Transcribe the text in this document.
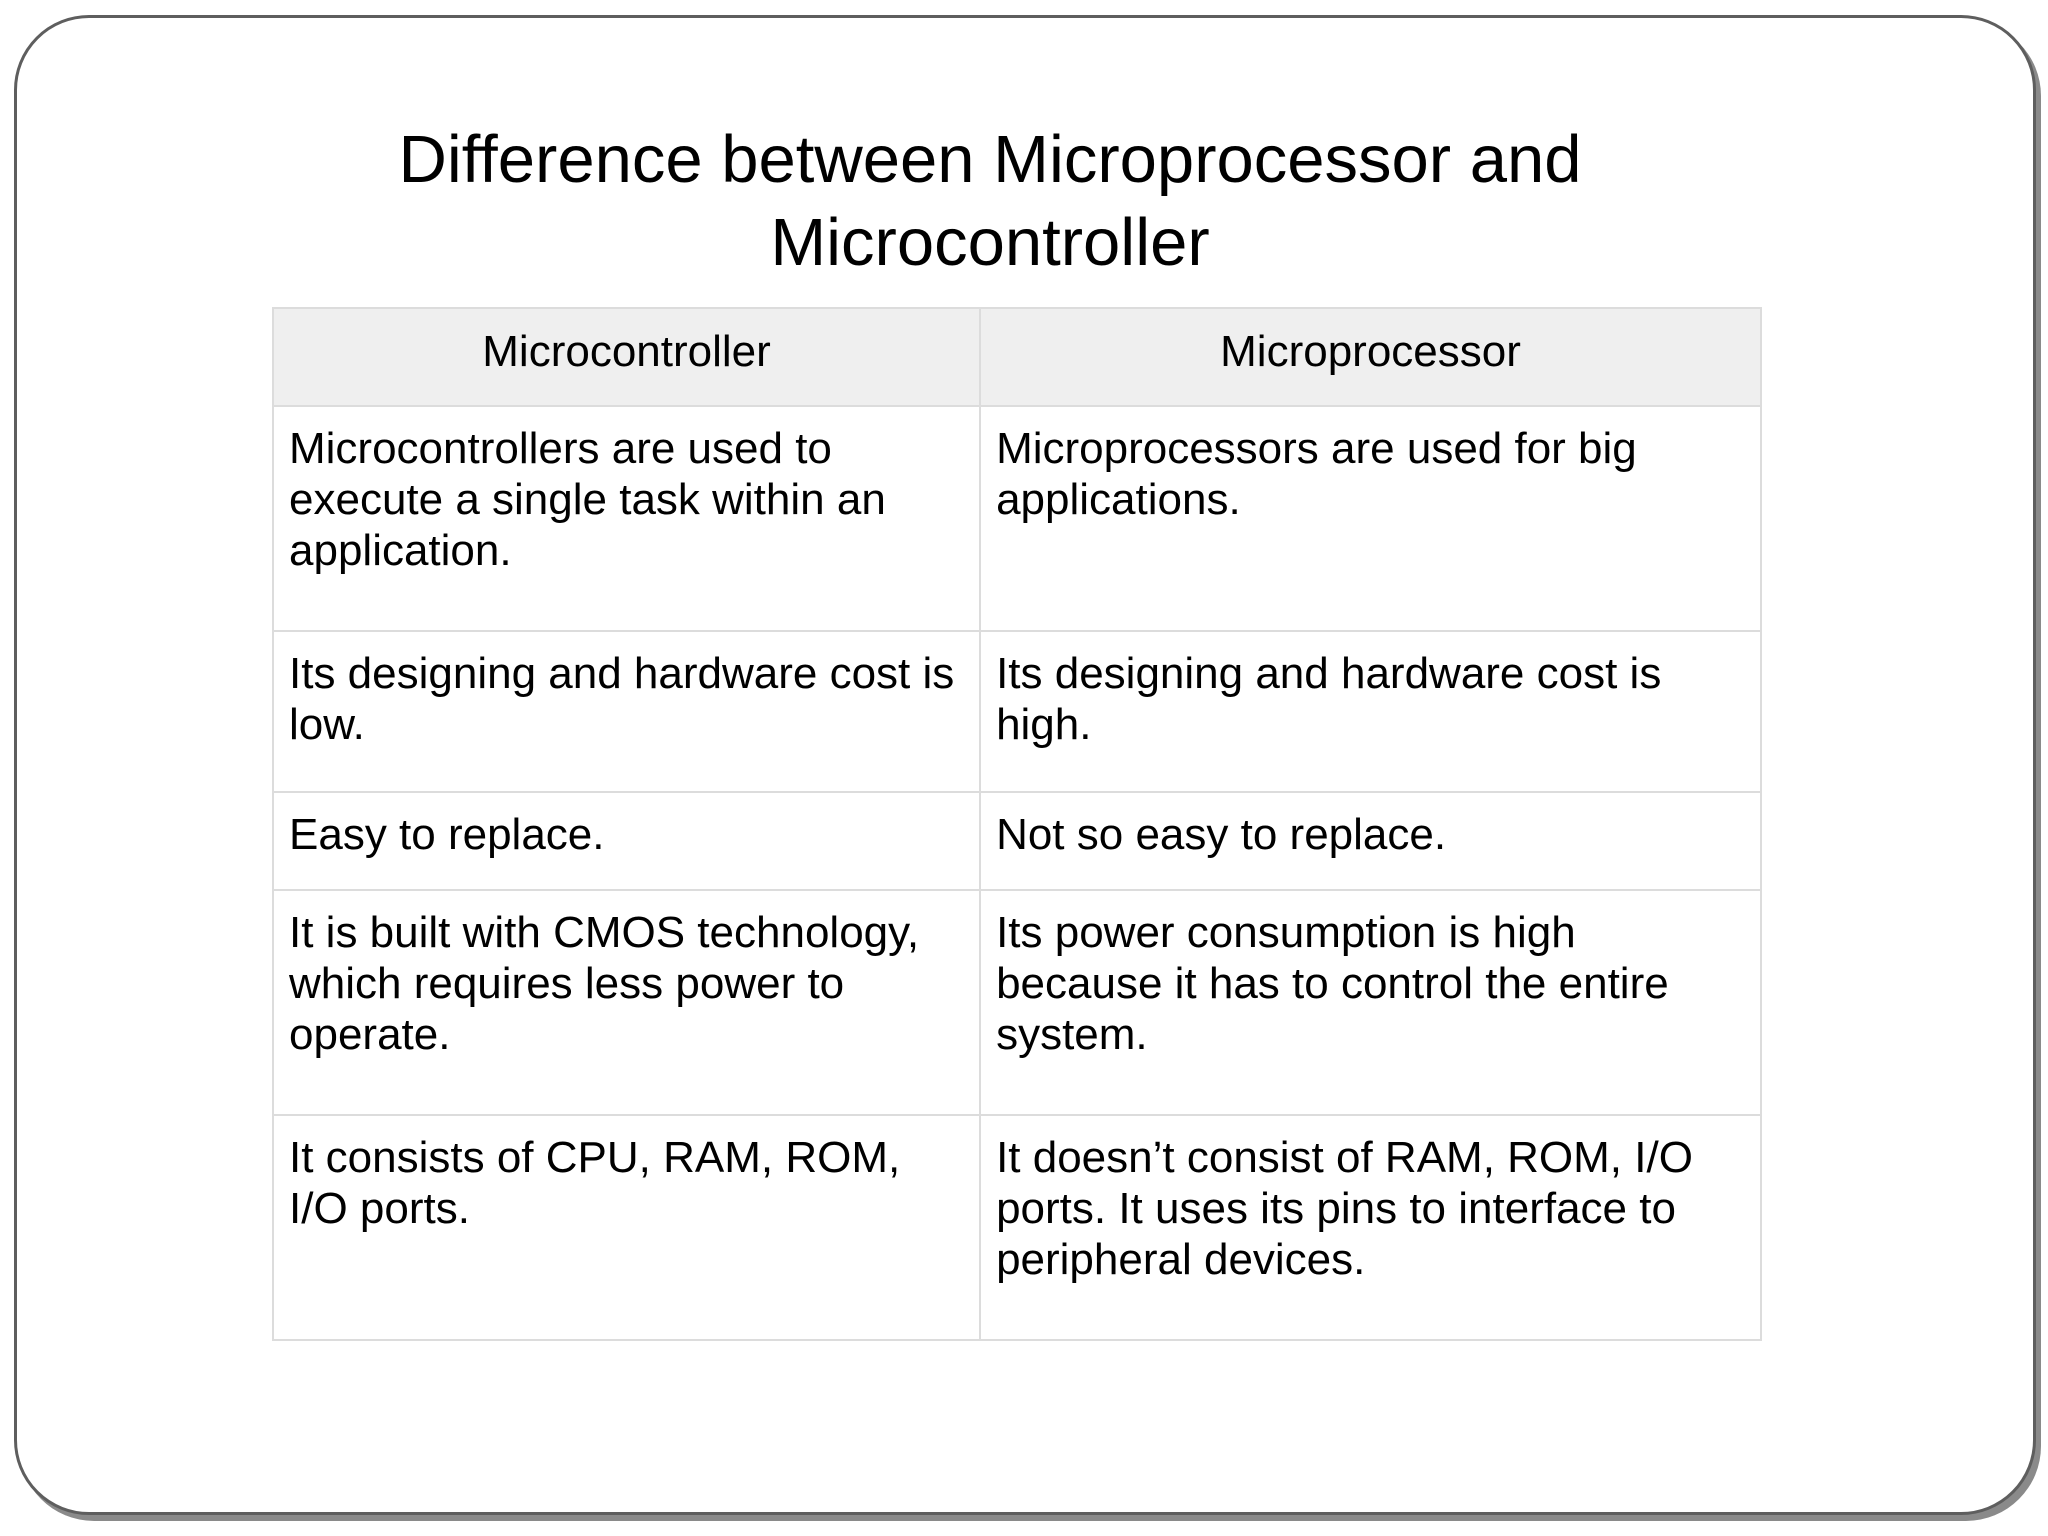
Difference between Microprocessor and Microcontroller
Microcontroller	Microprocessor
Microcontrollers are used to execute a single task within an application.	Microprocessors are used for big applications.
Its designing and hardware cost is low.	Its designing and hardware cost is high.
Easy to replace.	Not so easy to replace.
It is built with CMOS technology, which requires less power to operate.	Its power consumption is high because it has to control the entire system.
It consists of CPU, RAM, ROM, I/O ports.	It doesn’t consist of RAM, ROM, I/O ports. It uses its pins to interface to peripheral devices.
